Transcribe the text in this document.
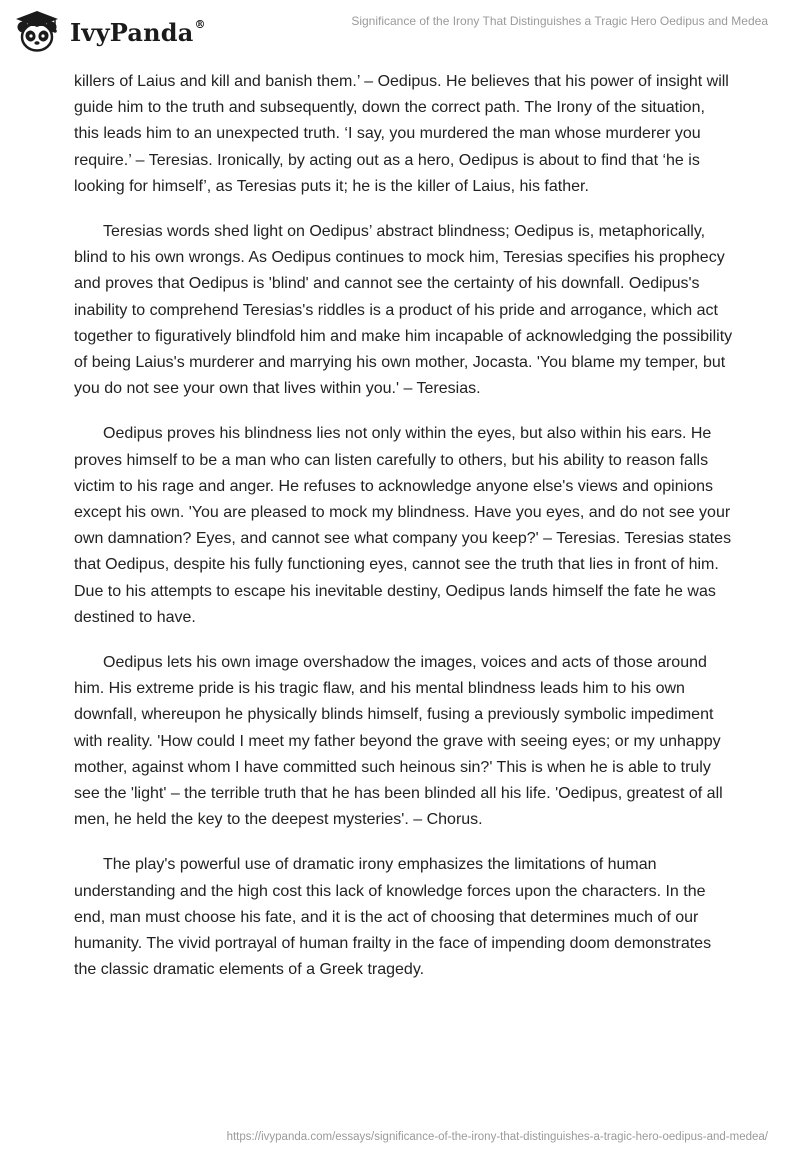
IvyPanda®	Significance of the Irony That Distinguishes a Tragic Hero Oedipus and Medea

killers of Laius and kill and banish them.’ – Oedipus. He believes that his power of insight will guide him to the truth and subsequently, down the correct path. The Irony of the situation, this leads him to an unexpected truth. ‘I say, you murdered the man whose murderer you require.’ – Teresias. Ironically, by acting out as a hero, Oedipus is about to find that ‘he is looking for himself’, as Teresias puts it; he is the killer of Laius, his father.

Teresias words shed light on Oedipus’ abstract blindness; Oedipus is, metaphorically, blind to his own wrongs. As Oedipus continues to mock him, Teresias specifies his prophecy and proves that Oedipus is 'blind' and cannot see the certainty of his downfall. Oedipus's inability to comprehend Teresias's riddles is a product of his pride and arrogance, which act together to figuratively blindfold him and make him incapable of acknowledging the possibility of being Laius's murderer and marrying his own mother, Jocasta. 'You blame my temper, but you do not see your own that lives within you.' – Teresias.

Oedipus proves his blindness lies not only within the eyes, but also within his ears. He proves himself to be a man who can listen carefully to others, but his ability to reason falls victim to his rage and anger. He refuses to acknowledge anyone else's views and opinions except his own. 'You are pleased to mock my blindness. Have you eyes, and do not see your own damnation? Eyes, and cannot see what company you keep?' – Teresias. Teresias states that Oedipus, despite his fully functioning eyes, cannot see the truth that lies in front of him. Due to his attempts to escape his inevitable destiny, Oedipus lands himself the fate he was destined to have.

Oedipus lets his own image overshadow the images, voices and acts of those around him. His extreme pride is his tragic flaw, and his mental blindness leads him to his own downfall, whereupon he physically blinds himself, fusing a previously symbolic impediment with reality. 'How could I meet my father beyond the grave with seeing eyes; or my unhappy mother, against whom I have committed such heinous sin?' This is when he is able to truly see the 'light' – the terrible truth that he has been blinded all his life. 'Oedipus, greatest of all men, he held the key to the deepest mysteries'. – Chorus.

The play's powerful use of dramatic irony emphasizes the limitations of human understanding and the high cost this lack of knowledge forces upon the characters. In the end, man must choose his fate, and it is the act of choosing that determines much of our humanity. The vivid portrayal of human frailty in the face of impending doom demonstrates the classic dramatic elements of a Greek tragedy.

https://ivypanda.com/essays/significance-of-the-irony-that-distinguishes-a-tragic-hero-oedipus-and-medea/
